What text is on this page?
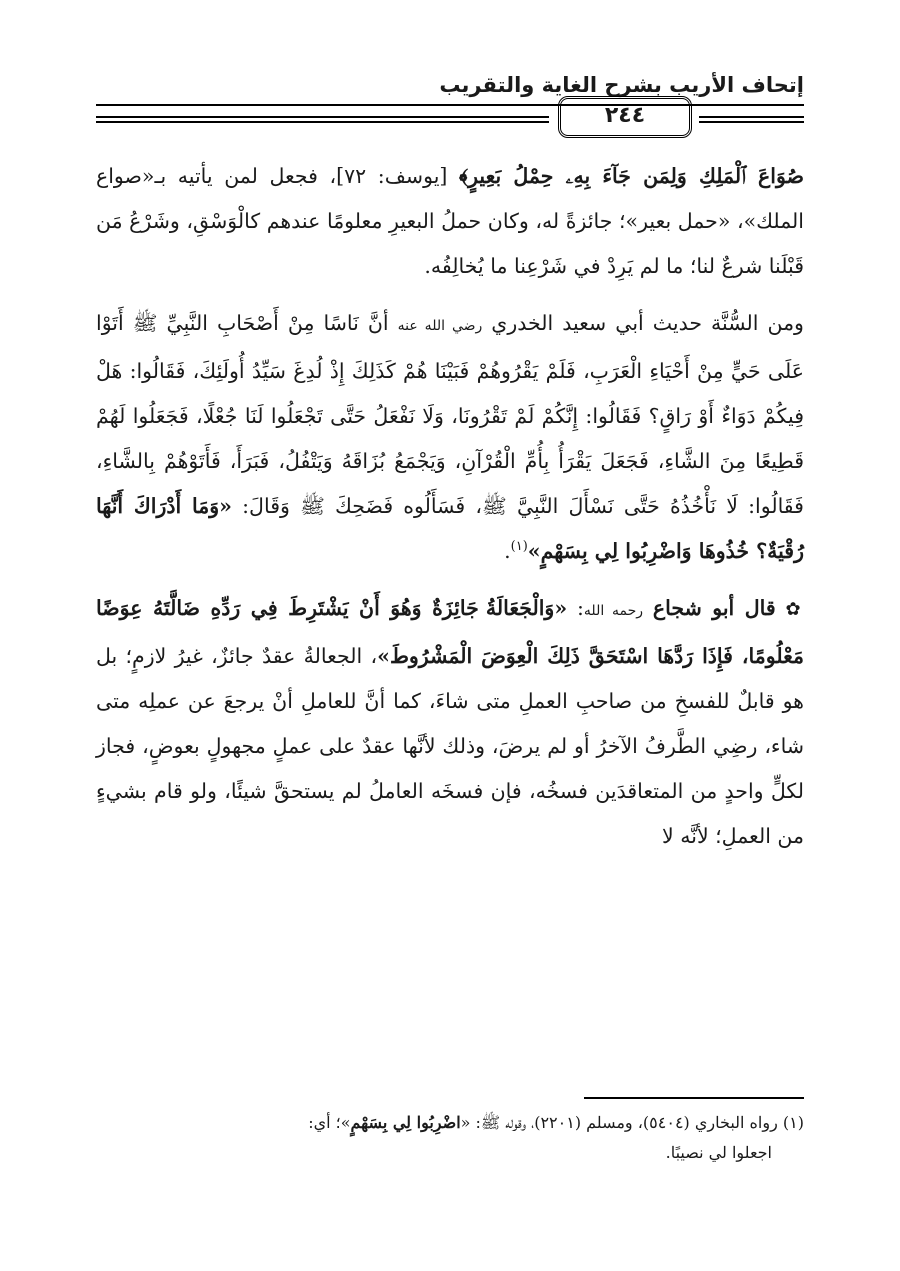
إتحاف الأريب بشرح الغاية والتقريب
٢٤٤

صُوَاعَ ٱلْمَلِكِ وَلِمَن جَآءَ بِهِۦ حِمْلُ بَعِيرٍ﴾ [يوسف: ٧٢]، فجعل لمن يأتيه بـ«صواع الملك»، «حمل بعير»؛ جائزةً له، وكان حملُ البعيرِ معلومًا عندهم كالْوَسْقِ، وشَرْعُ مَن قَبْلَنا شرعٌ لنا؛ ما لم يَرِدْ في شَرْعِنا ما يُخالِفُه.

ومن السُّنَّة حديث أبي سعيد الخدري رضي الله عنه أنَّ نَاسًا مِنْ أَصْحَابِ النَّبِيِّ ﷺ أَتَوْا عَلَى حَيٍّ مِنْ أَحْيَاءِ الْعَرَبِ، فَلَمْ يَقْرُوهُمْ فَبَيْنَا هُمْ كَذَلِكَ إِذْ لُدِغَ سَيِّدُ أُولَئِكَ، فَقَالُوا: هَلْ فِيكُمْ دَوَاءٌ أَوْ رَاقٍ؟ فَقَالُوا: إِنَّكُمْ لَمْ تَقْرُونَا، وَلَا نَفْعَلُ حَتَّى تَجْعَلُوا لَنَا جُعْلًا، فَجَعَلُوا لَهُمْ قَطِيعًا مِنَ الشَّاءِ، فَجَعَلَ يَقْرَأُ بِأُمِّ الْقُرْآنِ، وَيَجْمَعُ بُزَاقَهُ وَيَتْفُلُ، فَبَرَأَ، فَأَتَوْهُمْ بِالشَّاءِ، فَقَالُوا: لَا نَأْخُذُهُ حَتَّى نَسْأَلَ النَّبِيَّ ﷺ، فَسَأَلُوه فَضَحِكَ ﷺ وَقَالَ: «وَمَا أَدْرَاكَ أَنَّهَا رُقْيَةٌ؟ خُذُوهَا وَاضْرِبُوا لِي بِسَهْمٍ»$^{(١)}$.

✿ قال أبو شجاع رحمه الله: «وَالْجَعَالَةُ جَائِزَةٌ وَهُوَ أَنْ يَشْتَرِطَ فِي رَدِّهِ ضَالَّتَهُ عِوَضًا مَعْلُومًا، فَإِذَا رَدَّهَا اسْتَحَقَّ ذَلِكَ الْعِوَضَ الْمَشْرُوطَ»، الجعالةُ عقدٌ جائزٌ، غيرُ لازمٍ؛ بل هو قابلٌ للفسخِ من صاحبِ العملِ متى شاءَ، كما أنَّ للعاملِ أنْ يرجعَ عن عملِه متى شاء، رضِي الطَّرفُ الآخرُ أو لم يرضَ، وذلك لأنَّها عقدٌ على عملٍ مجهولٍ بعوضٍ، فجاز لكلٍّ واحدٍ من المتعاقدَين فسخُه، فإن فسخَه العاملُ لم يستحقَّ شيئًا، ولو قام بشيءٍ من العملِ؛ لأنَّه لا

(١) رواه البخاري (٥٤٠٤)، ومسلم (٢٢٠١)، وقوله ﷺ: «اضْرِبُوا لِي بِسَهْمٍ»؛ أي:
اجعلوا لي نصيبًا.
